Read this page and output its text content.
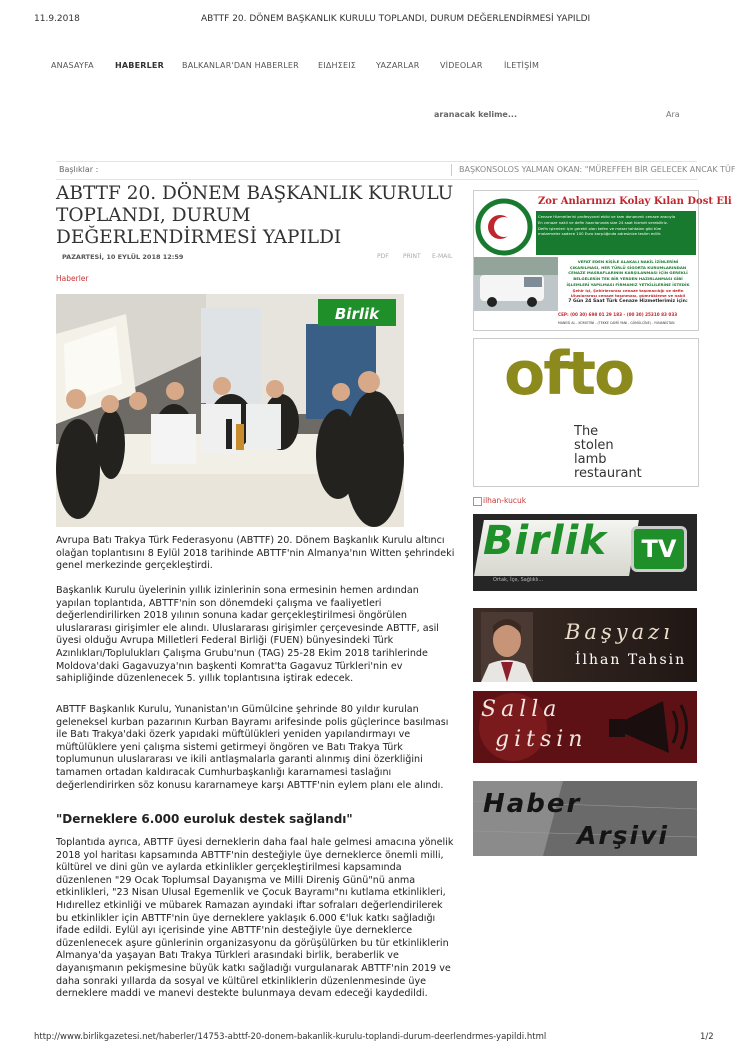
11.9.2018	ABTTF 20. DÖNEM BAŞKANLIK KURULU TOPLANDI, DURUM DEĞERLENDİRMESİ YAPILDI
ANASAYFA	HABERLER BALKANLAR'DAN HABERLER ΕΙΔΗΣΕΙΣ YAZARLAR	VİDEOLAR	İLETİŞİM
aranacak kelime...	Ara
Başlıklar :	BAŞKONSOLOS YALMAN OKAN: "MÜREFFEH BİR GELECEK ANCAK TÜF
ABTTF 20. DÖNEM BAŞKANLIK KURULU TOPLANDI, DURUM DEĞERLENDİRMESİ YAPILDI
PAZARTESİ, 10 EYLÜL 2018 12:59	PDF PRINT E-MAIL
Haberler
Birlik

Avrupa Batı Trakya Türk Federasyonu (ABTTF) 20. Dönem Başkanlık Kurulu altıncı olağan toplantısını 8 Eylül 2018 tarihinde ABTTF'nin Almanya'nın Witten şehrindeki genel merkezinde gerçekleştirdi.

Başkanlık Kurulu üyelerinin yıllık izinlerinin sona ermesinin hemen ardından yapılan toplantıda, ABTTF'nin son dönemdeki çalışma ve faaliyetleri değerlendirilirken 2018 yılının sonuna kadar gerçekleştirilmesi öngörülen uluslararası girişimler ele alındı. Uluslararası girişimler çerçevesinde ABTTF, asil üyesi olduğu Avrupa Milletleri Federal Birliği (FUEN) bünyesindeki Türk Azınlıkları/Toplulukları Çalışma Grubu'nun (TAG) 25-28 Ekim 2018 tarihlerinde Moldova'daki Gagavuzya'nın başkenti Komrat'ta Gagavuz Türkleri'nin ev sahipliğinde düzenlenecek 5. yıllık toplantısına iştirak edecek.

ABTTF Başkanlık Kurulu, Yunanistan'ın Gümülcine şehrinde 80 yıldır kurulan geleneksel kurban pazarının Kurban Bayramı arifesinde polis güçlerince basılması ile Batı Trakya'daki özerk yapıdaki müftülükleri yeniden yapılandırmayı ve müftülüklere yeni çalışma sistemi getirmeyi öngören ve Batı Trakya Türk toplumunun uluslararası ve ikili antlaşmalarla garanti alınmış dini özerkliğini tamamen ortadan kaldıracak Cumhurbaşkanlığı kararnamesi taslağını değerlendirirken söz konusu kararnameye karşı ABTTF'nin eylem planı ele alındı.

"Derneklere 6.000 euroluk destek sağlandı"

Toplantıda ayrıca, ABTTF üyesi derneklerin daha faal hale gelmesi amacına yönelik 2018 yol haritası kapsamında ABTTF'nin desteğiyle üye derneklerce önemli milli, kültürel ve dini gün ve aylarda etkinlikler gerçekleştirilmesi kapsamında düzenlenen "29 Ocak Toplumsal Dayanışma ve Milli Direniş Günü"nü anma etkinlikleri, "23 Nisan Ulusal Egemenlik ve Çocuk Bayramı"nı kutlama etkinlikleri, Hıdırellez etkinliği ve mübarek Ramazan ayındaki iftar sofraları değerlendirilerek bu etkinlikler için ABTTF'nin üye derneklere yaklaşık 6.000 €'luk katkı sağladığı ifade edildi. Eylül ayı içerisinde yine ABTTF'nin desteğiyle üye derneklerce düzenlenecek aşure günlerinin organizasyonu da görüşülürken bu tür etkinliklerin Almanya'da yaşayan Batı Trakya Türkleri arasındaki birlik, beraberlik ve dayanışmanın pekişmesine büyük katkı sağladığı vurgulanarak ABTTF'nin 2019 ve daha sonraki yıllarda da sosyal ve kültürel etkinliklerin düzenlenmesinde üye derneklere maddi ve manevi destekte bulunmaya devam edeceği kaydedildi.

Zor Anlarınızı Kolay Kılan Dost Eli
Cenaze Hizmetlerini profesyonel ekibi ve tam donanımlı cenaze aracıyla
En cenaze nakli ve defin hazırlanında size 24 saat hizmet verebiliriz.
Defin işlemleri için gerekli olan kefen ve mezar tahtaları gibi tüm
malzemeler sadece 100 Euro karşılığında adresinize teslim edilir.
VEFAT EDEN KİŞİLE ALAKALI NAKİL İZİNLERİNİ
ÇIKARILMASI, HER TÜRLÜ SİGORTA KURUMLARINDAN
CENAZE MASRAFLARININ KARŞILANMASI İÇİN GEREKLİ
BELGELERİN TEK BİR YERDEN HAZIRLANMASI GİBİ
İŞLEMLERİ YAPILMASI FİRMAMIZ YETKİLİLERİNE İSTEDİK
Şehir içi, Şehirlerarası cenaze taşımacılığı ve defin
Uluslararası cenaze taşınması, gümrükleme ve nakil
7 Gün 24 Saat Türk Cenaze Hizmetlerimiz için:
CEP: (00 30) 698 01 29 183 - (00 30) 25310 83 033
MANESİ AL - KOMOTİNİ - (TEKKE CAMİİ YANI - GÜMÜLCİNE) - YUNANİSTAN
ofto
The
stolen
lamb
restaurant
ilhan-kucuk
Birlik	TV
Ortak, İçe, Sağlıklı...
Başyazı
İlhan Tahsin
Salla
gitsin
Haber
Arşivi
http://www.birlikgazetesi.net/haberler/14753-abttf-20-donem-bakanlik-kurulu-toplandi-durum-deerlendrmes-yapildi.html	1/2
